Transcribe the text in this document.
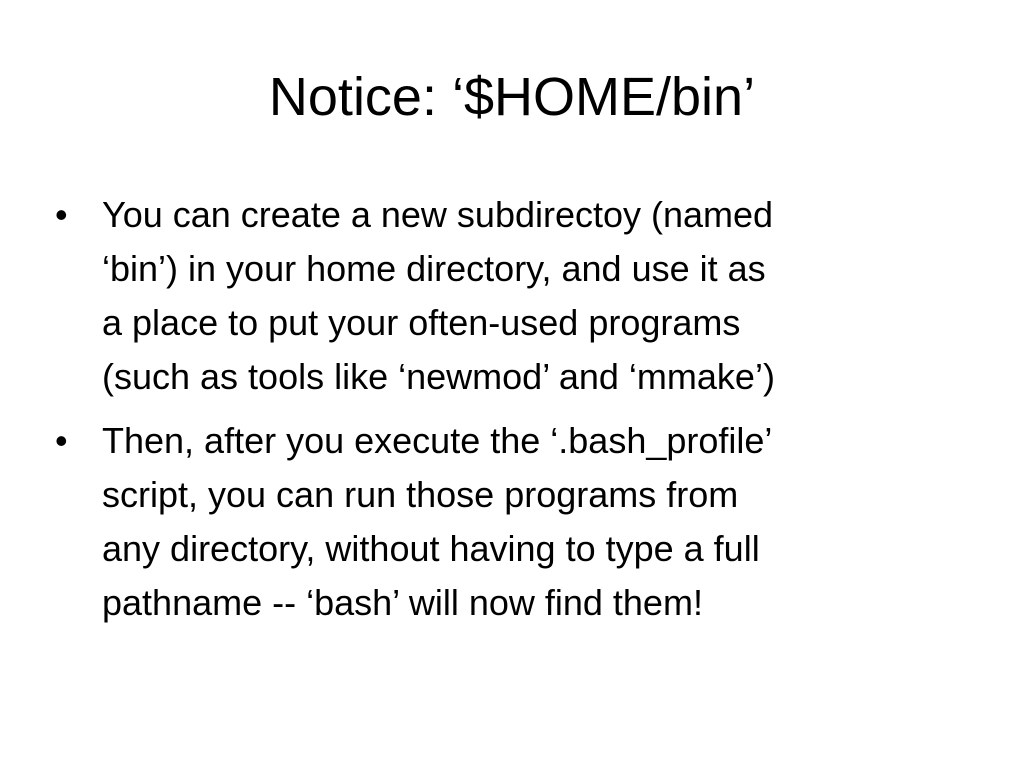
Notice: ‘$HOME/bin’
• You can create a new subdirectoy (named
‘bin’) in your home directory, and use it as
a place to put your often-used programs
(such as tools like ‘newmod’ and ‘mmake’)
• Then, after you execute the ‘.bash_profile’
script, you can run those programs from
any directory, without having to type a full
pathname -- ‘bash’ will now find them!
